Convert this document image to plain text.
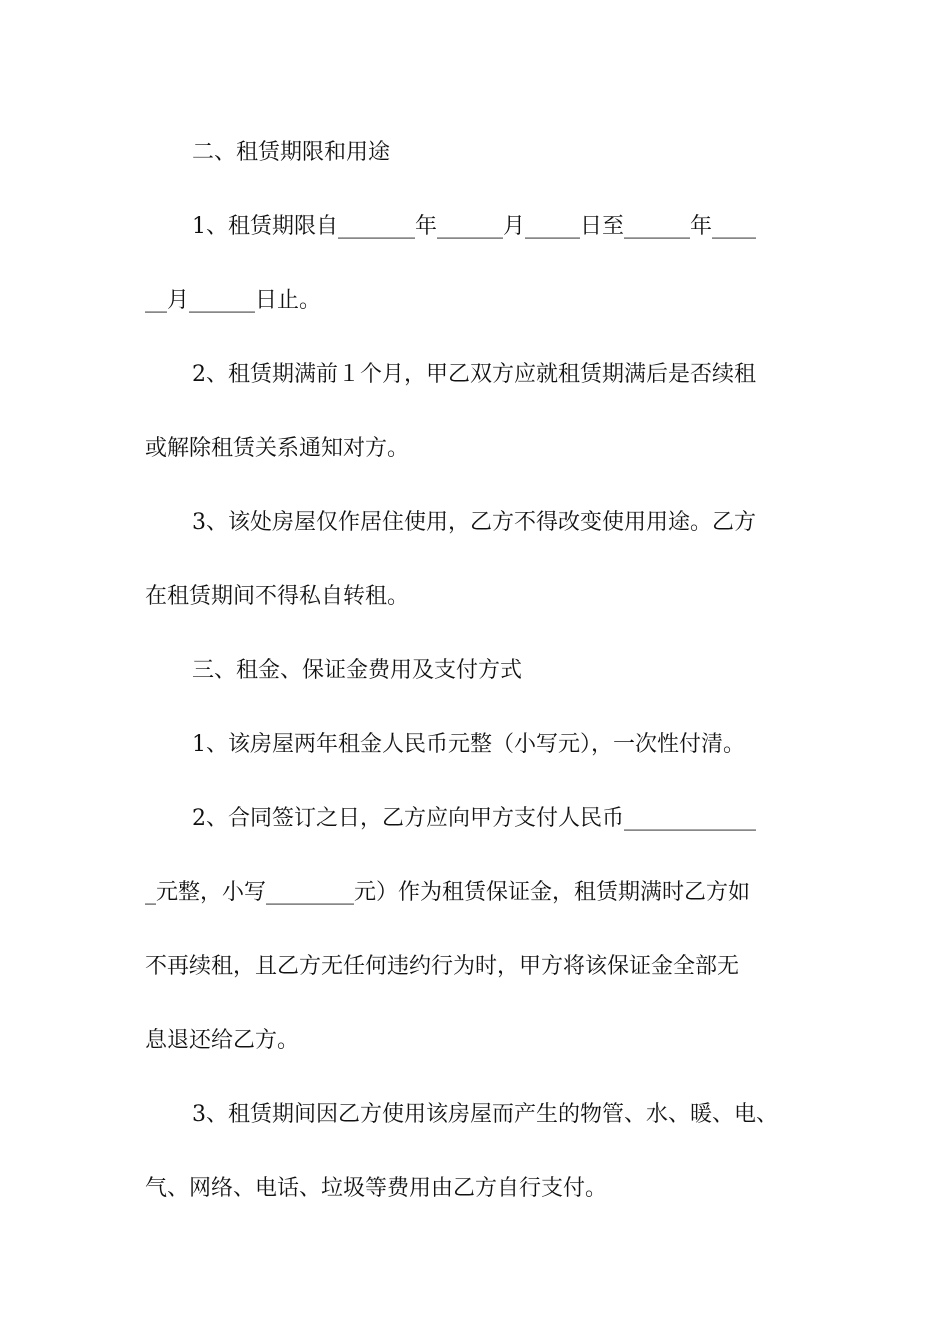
二、租赁期限和用途
1、租赁期限自_______年______月_____日至______年____
__月______日止。
2、租赁期满前１个月，甲乙双方应就租赁期满后是否续租
或解除租赁关系通知对方。
3、该处房屋仅作居住使用，乙方不得改变使用用途。乙方
在租赁期间不得私自转租。
三、租金、保证金费用及支付方式
1、该房屋两年租金人民币元整（小写元），一次性付清。
2、合同签订之日，乙方应向甲方支付人民币____________
_元整，小写________元）作为租赁保证金，租赁期满时乙方如
不再续租，且乙方无任何违约行为时，甲方将该保证金全部无
息退还给乙方。
3、租赁期间因乙方使用该房屋而产生的物管、水、暖、电、
气、网络、电话、垃圾等费用由乙方自行支付。
